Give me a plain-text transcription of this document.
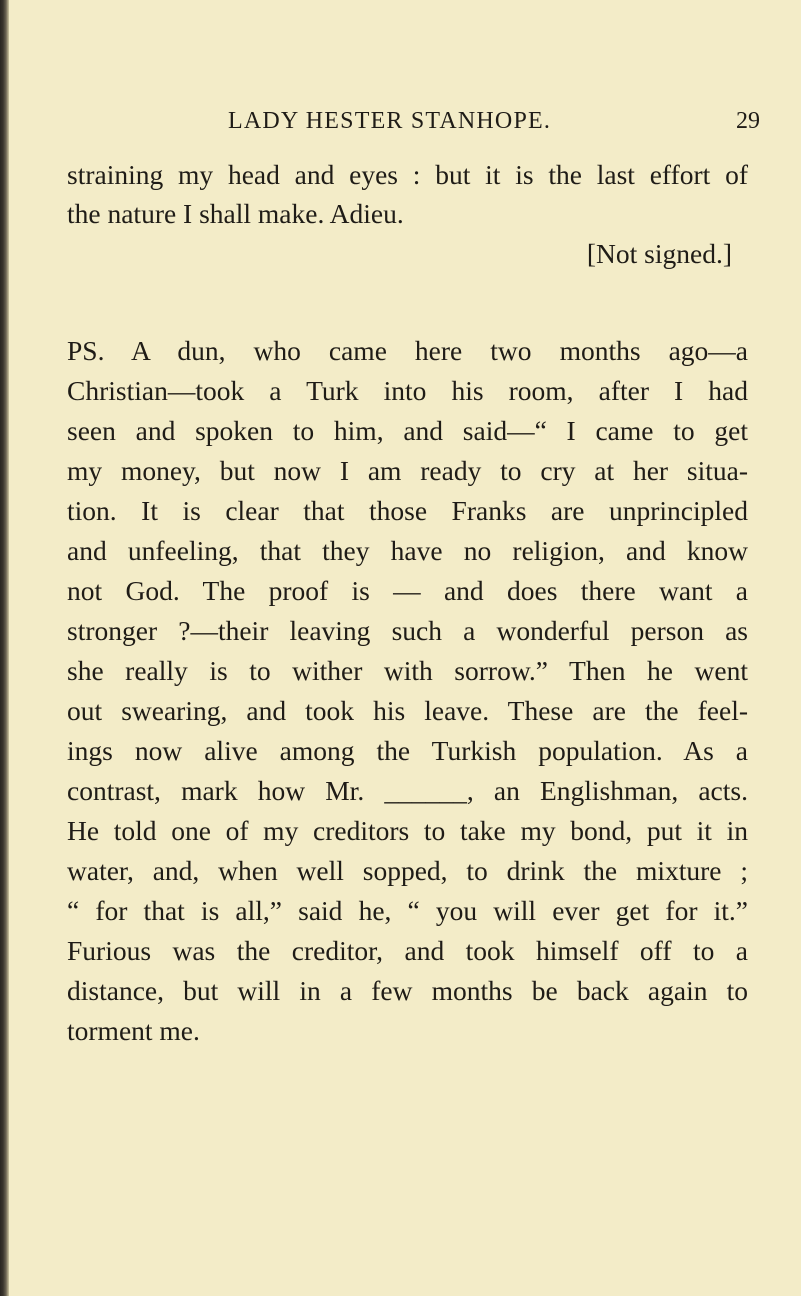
LADY HESTER STANHOPE.	29
straining my head and eyes : but it is the last effort of
the nature I shall make. Adieu.
[Not signed.]
PS. A dun, who came here two months ago—a
Christian—took a Turk into his room, after I had
seen and spoken to him, and said—“ I came to get
my money, but now I am ready to cry at her situa-
tion. It is clear that those Franks are unprincipled
and unfeeling, that they have no religion, and know
not God. The proof is — and does there want a
stronger ?—their leaving such a wonderful person as
she really is to wither with sorrow.” Then he went
out swearing, and took his leave. These are the feel-
ings now alive among the Turkish population. As a
contrast, mark how Mr. ______, an Englishman, acts.
He told one of my creditors to take my bond, put it in
water, and, when well sopped, to drink the mixture ;
“ for that is all,” said he, “ you will ever get for it.”
Furious was the creditor, and took himself off to a
distance, but will in a few months be back again to
torment me.
